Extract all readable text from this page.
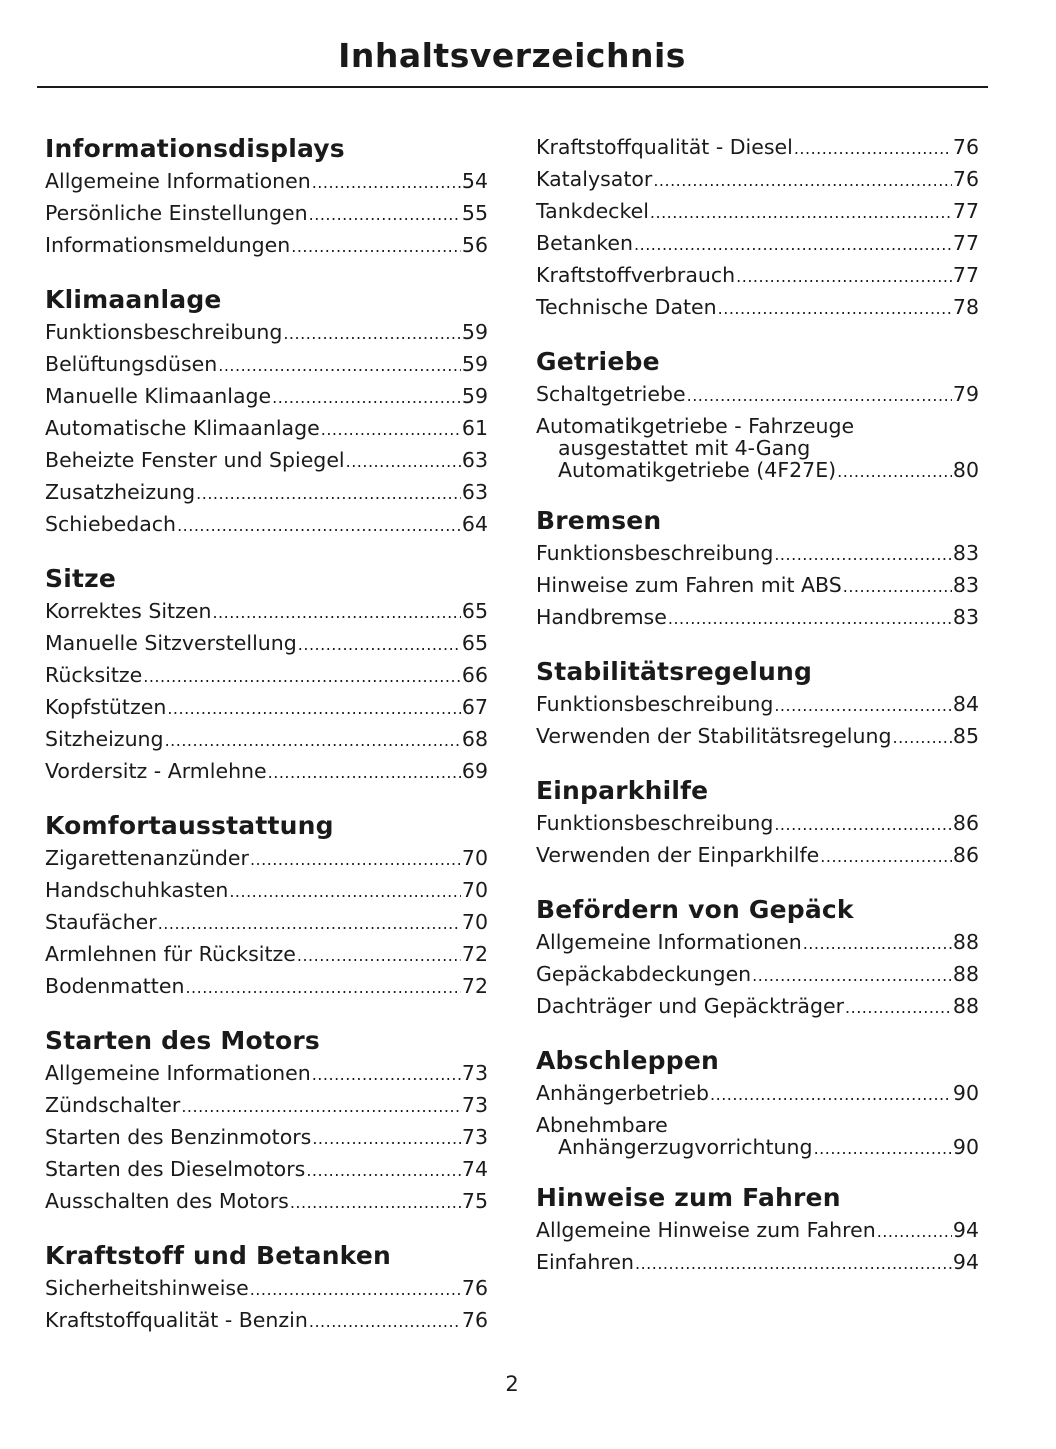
Inhaltsverzeichnis
Informationsdisplays
Allgemeine Informationen .....	54
Persönliche Einstellungen .....	55
Informationsmeldungen .....	56
Klimaanlage
Funktionsbeschreibung .....	59
Belüftungsdüsen .....	59
Manuelle Klimaanlage .....	59
Automatische Klimaanlage .....	61
Beheizte Fenster und Spiegel .....	63
Zusatzheizung .....	63
Schiebedach .....	64
Sitze
Korrektes Sitzen .....	65
Manuelle Sitzverstellung .....	65
Rücksitze .....	66
Kopfstützen .....	67
Sitzheizung .....	68
Vordersitz - Armlehne .....	69
Komfortausstattung
Zigarettenanzünder .....	70
Handschuhkasten .....	70
Staufächer .....	70
Armlehnen für Rücksitze .....	72
Bodenmatten .....	72
Starten des Motors
Allgemeine Informationen .....	73
Zündschalter .....	73
Starten des Benzinmotors .....	73
Starten des Dieselmotors .....	74
Ausschalten des Motors .....	75
Kraftstoff und Betanken
Sicherheitshinweise .....	76
Kraftstoffqualität - Benzin .....	76
Kraftstoffqualität - Diesel .....	76
Katalysator .....	76
Tankdeckel .....	77
Betanken .....	77
Kraftstoffverbrauch .....	77
Technische Daten .....	78
Getriebe
Schaltgetriebe .....	79
Automatikgetriebe - Fahrzeuge
ausgestattet mit 4-Gang
Automatikgetriebe (4F27E) .....	80
Bremsen
Funktionsbeschreibung .....	83
Hinweise zum Fahren mit ABS .....	83
Handbremse .....	83
Stabilitätsregelung
Funktionsbeschreibung .....	84
Verwenden der Stabilitätsregelung .....	85
Einparkhilfe
Funktionsbeschreibung .....	86
Verwenden der Einparkhilfe .....	86
Befördern von Gepäck
Allgemeine Informationen .....	88
Gepäckabdeckungen .....	88
Dachträger und Gepäckträger .....	88
Abschleppen
Anhängerbetrieb .....	90
Abnehmbare
Anhängerzugvorrichtung .....	90
Hinweise zum Fahren
Allgemeine Hinweise zum Fahren .....	94
Einfahren .....	94
2
